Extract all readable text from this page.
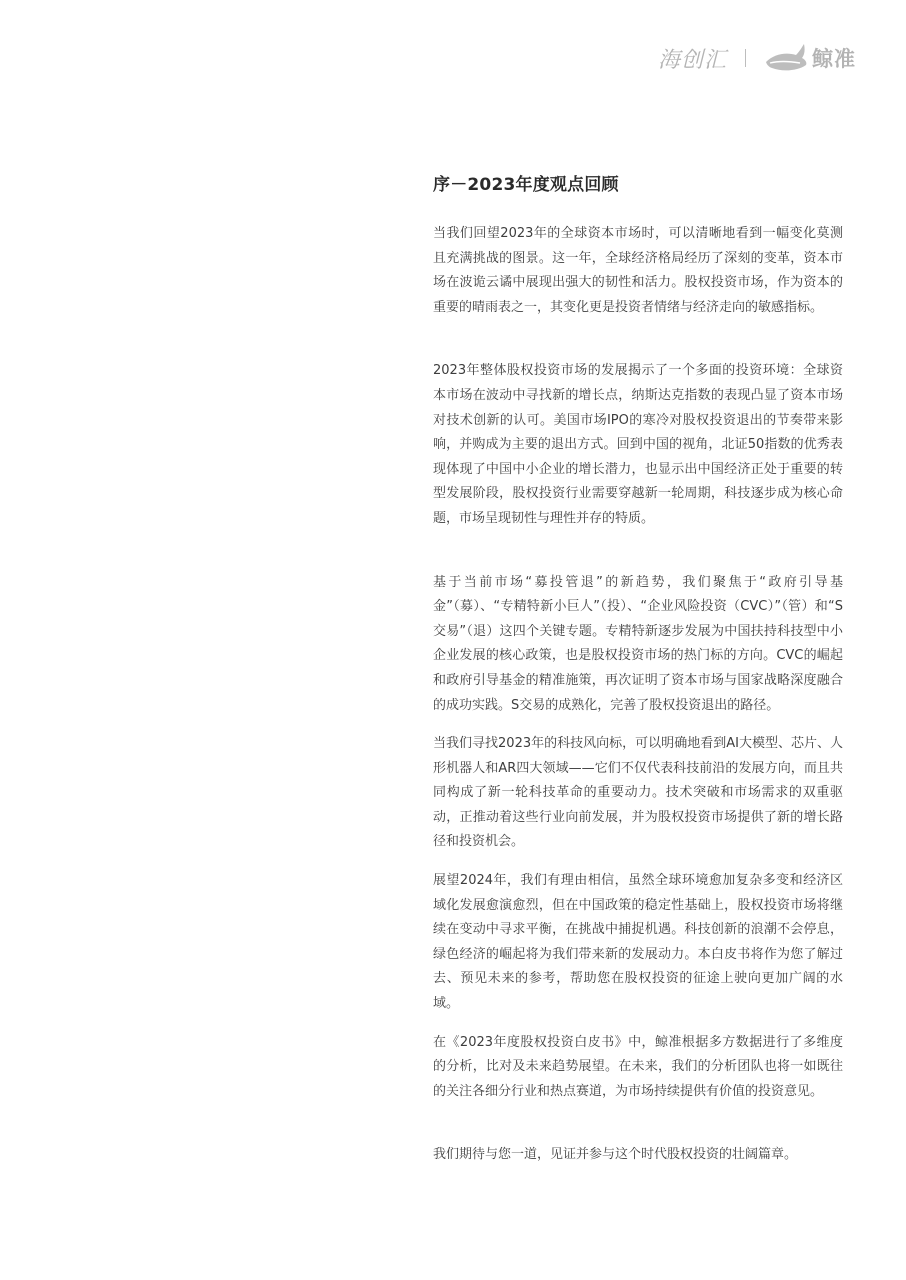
海创汇	鲸准
序－2023年度观点回顾

当我们回望2023年的全球资本市场时，可以清晰地看到一幅变化莫测且充满挑战的图景。这一年，全球经济格局经历了深刻的变革，资本市场在波诡云谲中展现出强大的韧性和活力。股权投资市场，作为资本的重要的晴雨表之一，其变化更是投资者情绪与经济走向的敏感指标。

2023年整体股权投资市场的发展揭示了一个多面的投资环境：全球资本市场在波动中寻找新的增长点，纳斯达克指数的表现凸显了资本市场对技术创新的认可。美国市场IPO的寒冷对股权投资退出的节奏带来影响，并购成为主要的退出方式。回到中国的视角，北证50指数的优秀表现体现了中国中小企业的增长潜力，也显示出中国经济正处于重要的转型发展阶段，股权投资行业需要穿越新一轮周期，科技逐步成为核心命题，市场呈现韧性与理性并存的特质。

基于当前市场“募投管退”的新趋势，我们聚焦于“政府引导基金”（募）、“专精特新小巨人”（投）、“企业风险投资（CVC）”（管）和“S交易”（退）这四个关键专题。专精特新逐步发展为中国扶持科技型中小企业发展的核心政策，也是股权投资市场的热门标的方向。CVC的崛起和政府引导基金的精准施策，再次证明了资本市场与国家战略深度融合的成功实践。S交易的成熟化，完善了股权投资退出的路径。

当我们寻找2023年的科技风向标，可以明确地看到AI大模型、芯片、人形机器人和AR四大领域——它们不仅代表科技前沿的发展方向，而且共同构成了新一轮科技革命的重要动力。技术突破和市场需求的双重驱动，正推动着这些行业向前发展，并为股权投资市场提供了新的增长路径和投资机会。

展望2024年，我们有理由相信，虽然全球环境愈加复杂多变和经济区域化发展愈演愈烈，但在中国政策的稳定性基础上，股权投资市场将继续在变动中寻求平衡，在挑战中捕捉机遇。科技创新的浪潮不会停息，绿色经济的崛起将为我们带来新的发展动力。本白皮书将作为您了解过去、预见未来的参考，帮助您在股权投资的征途上驶向更加广阔的水域。

在《2023年度股权投资白皮书》中，鲸准根据多方数据进行了多维度的分析，比对及未来趋势展望。在未来，我们的分析团队也将一如既往的关注各细分行业和热点赛道，为市场持续提供有价值的投资意见。

我们期待与您一道，见证并参与这个时代股权投资的壮阔篇章。
